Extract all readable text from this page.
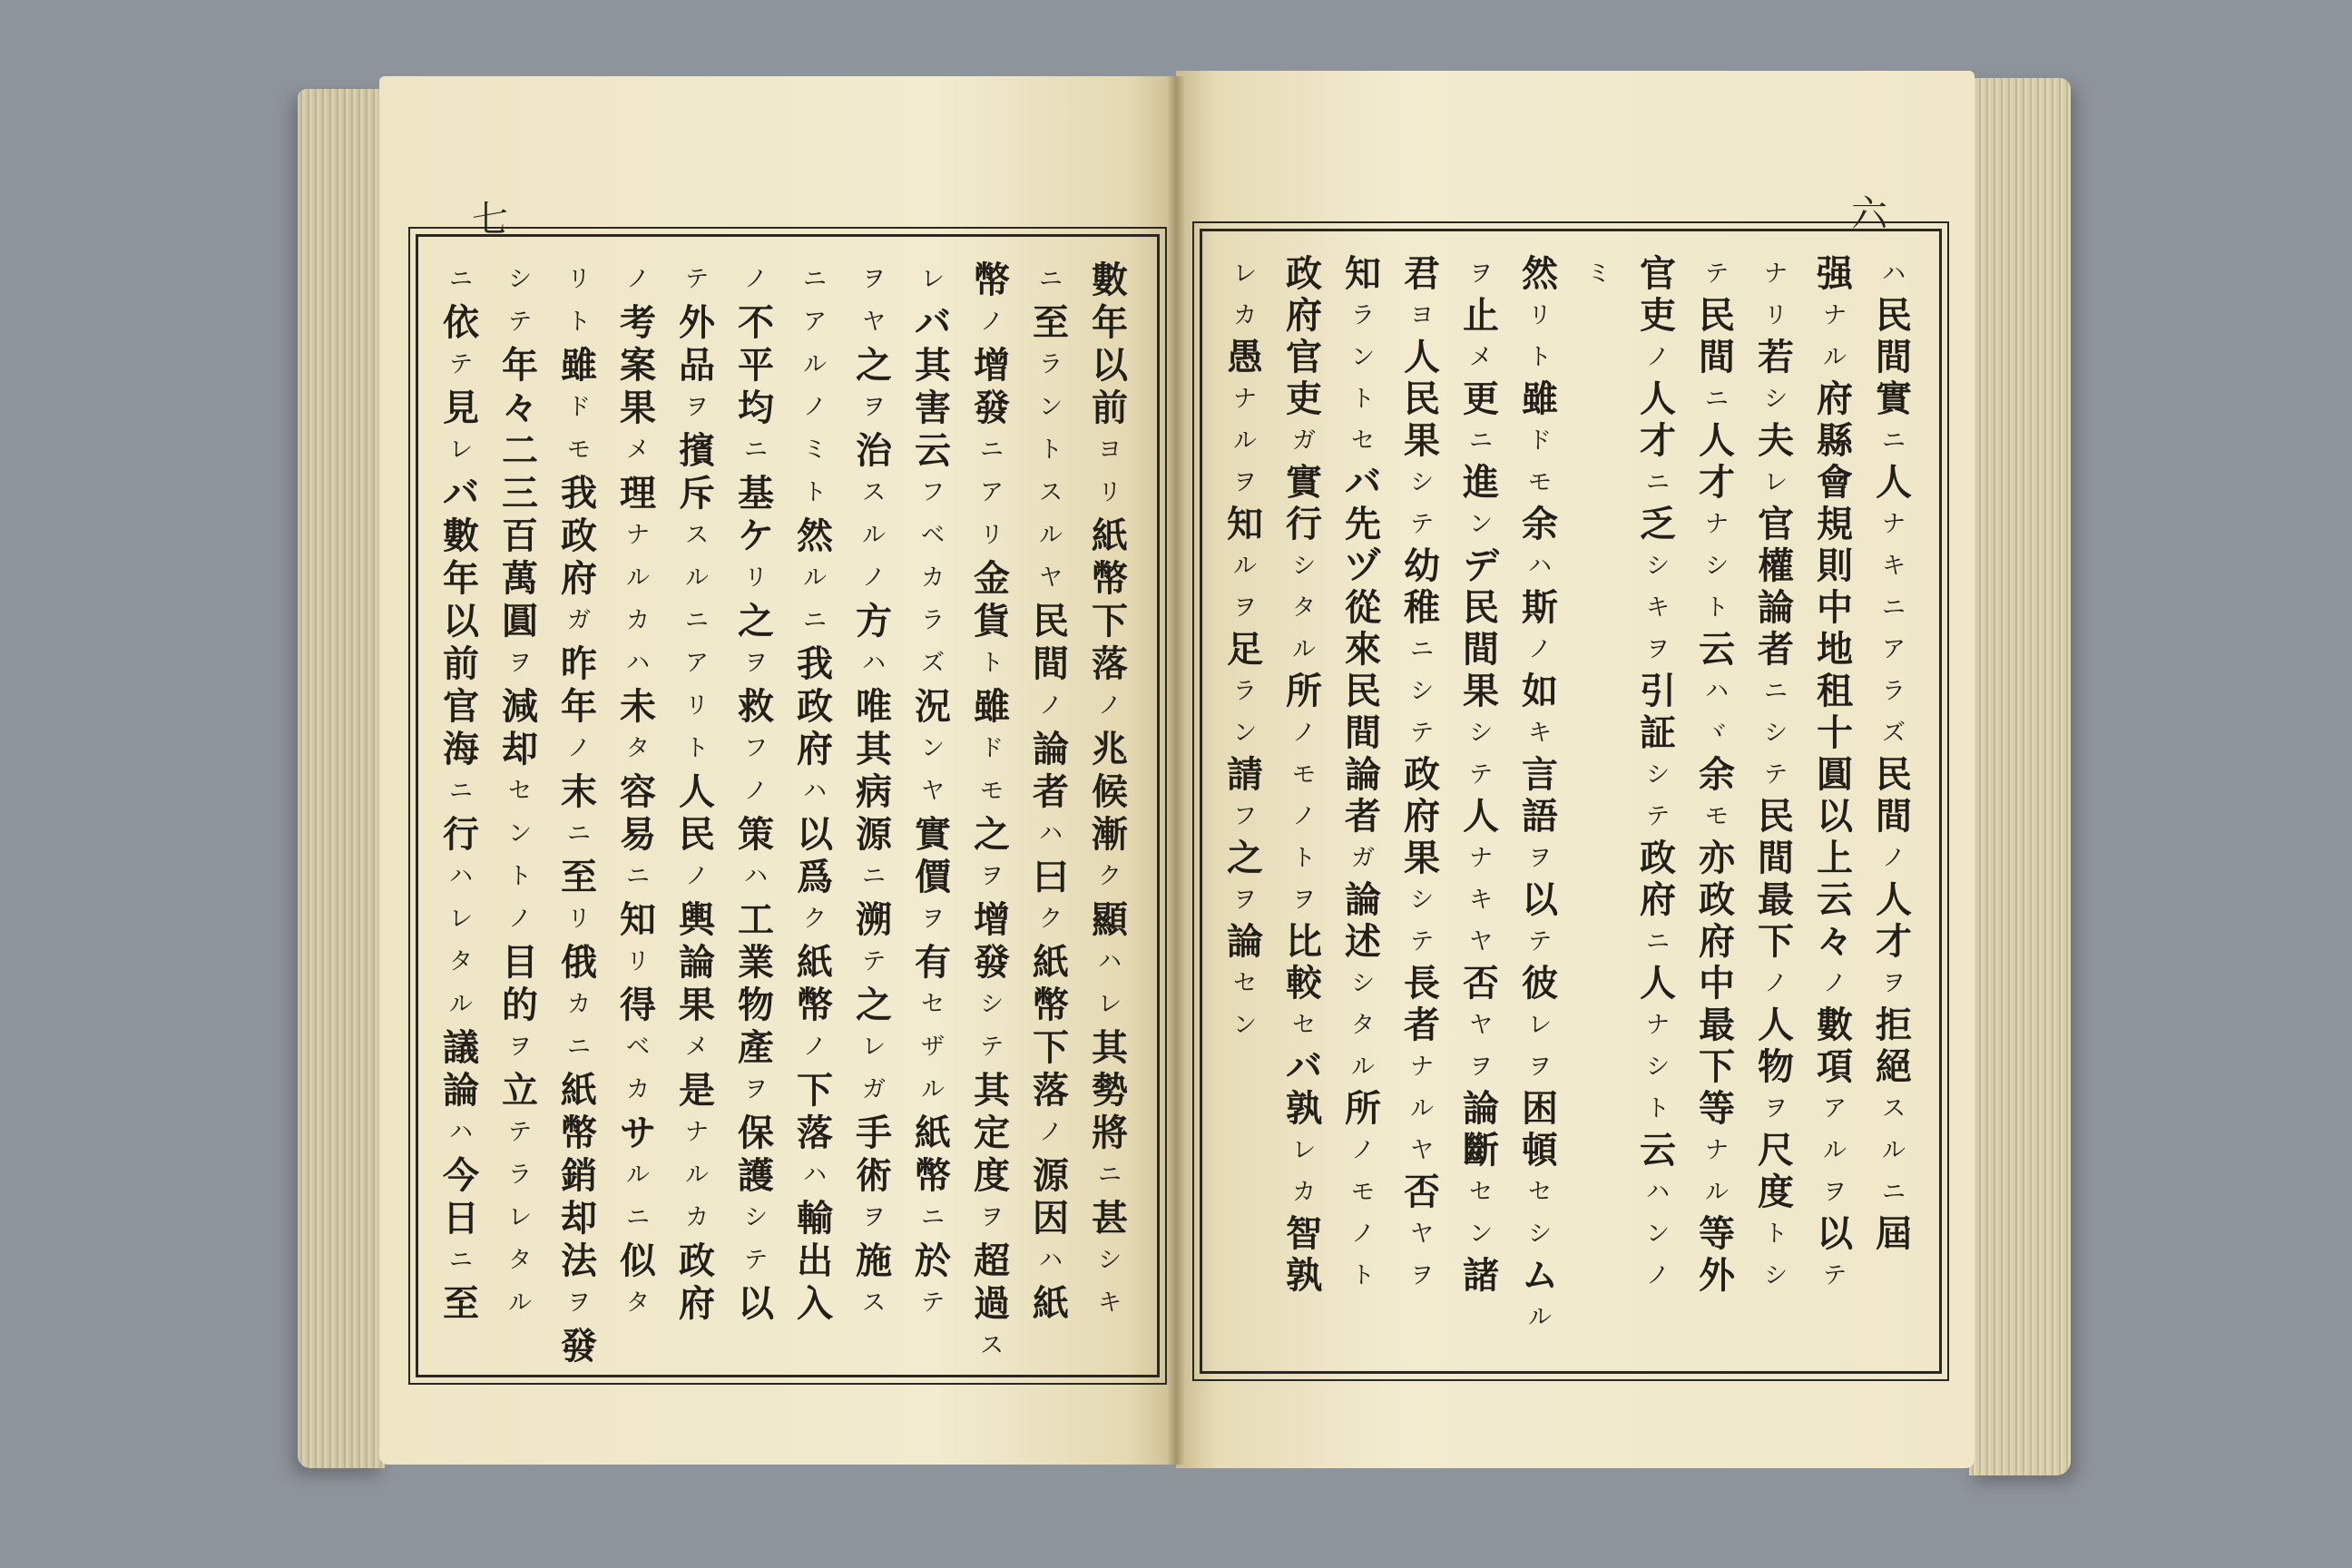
七	六
數
年
以
前
ヨ
リ
紙
幣
下
落
ノ
兆
候
漸
ク
顯
ハ
レ
其
勢
將
ニ
甚
シ
キ
ニ
至
ラ
ン
ト
ス
ル
ヤ
民
間
ノ
論
者
ハ
曰
ク
紙
幣
下
落
ノ
源
因
ハ
紙
幣
ノ
增
發
ニ
ア
リ
金
貨
ト
雖
ド
モ
之
ヲ
增
發
シ
テ
其
定
度
ヲ
超
過
ス
レ
バ
其
害
云
フ
ベ
カ
ラ
ズ
況
ン
ヤ
實
價
ヲ
有
セ
ザ
ル
紙
幣
ニ
於
テ
ヲ
ヤ
之
ヲ
治
ス
ル
ノ
方
ハ
唯
其
病
源
ニ
溯
テ
之
レ
ガ
手
術
ヲ
施
ス
ニ
ア
ル
ノ
ミ
ト
然
ル
ニ
我
政
府
ハ
以
爲
ク
紙
幣
ノ
下
落
ハ
輸
出
入
ノ
不
平
均
ニ
基
ケ
リ
之
ヲ
救
フ
ノ
策
ハ
工
業
物
產
ヲ
保
護
シ
テ
以
テ
外
品
ヲ
擯
斥
ス
ル
ニ
ア
リ
ト
人
民
ノ
輿
論
果
メ
是
ナ
ル
カ
政
府
ノ
考
案
果
メ
理
ナ
ル
カ
ハ
未
タ
容
易
ニ
知
リ
得
ベ
カ
サ
ル
ニ
似
タ
リ
ト
雖
ド
モ
我
政
府
ガ
昨
年
ノ
末
ニ
至
リ
俄
カ
ニ
紙
幣
銷
却
法
ヲ
發
シ
テ
年
々
二
三
百
萬
圓
ヲ
減
却
セ
ン
ト
ノ
目
的
ヲ
立
テ
ラ
レ
タ
ル
ニ
依
テ
見
レ
バ
數
年
以
前
官
海
ニ
行
ハ
レ
タ
ル
議
論
ハ
今
日
ニ
至
ハ
民
間
實
ニ
人
ナ
キ
ニ
ア
ラ
ズ
民
間
ノ
人
才
ヲ
拒
絕
ス
ル
ニ
屆
强
ナ
ル
府
縣
會
規
則
中
地
租
十
圓
以
上
云
々
ノ
數
項
ア
ル
ヲ
以
テ
ナ
リ
若
シ
夫
レ
官
權
論
者
ニ
シ
テ
民
間
最
下
ノ
人
物
ヲ
尺
度
ト
シ
テ
民
間
ニ
人
才
ナ
シ
ト
云
ハ
ヾ
余
モ
亦
政
府
中
最
下
等
ナ
ル
等
外
官
吏
ノ
人
才
ニ
乏
シ
キ
ヲ
引
証
シ
テ
政
府
ニ
人
ナ
シ
ト
云
ハ
ン
ノ
ミ
然
リ
ト
雖
ド
モ
余
ハ
斯
ノ
如
キ
言
語
ヲ
以
テ
彼
レ
ヲ
困
頓
セ
シ
ム
ル
ヲ
止
メ
更
ニ
進
ン
デ
民
間
果
シ
テ
人
ナ
キ
ヤ
否
ヤ
ヲ
論
斷
セ
ン
諸
君
ヨ
人
民
果
シ
テ
幼
稚
ニ
シ
テ
政
府
果
シ
テ
長
者
ナ
ル
ヤ
否
ヤ
ヲ
知
ラ
ン
ト
セ
バ
先
ヅ
從
來
民
間
論
者
ガ
論
述
シ
タ
ル
所
ノ
モ
ノ
ト
政
府
官
吏
ガ
實
行
シ
タ
ル
所
ノ
モ
ノ
ト
ヲ
比
較
セ
バ
孰
レ
カ
智
孰
レ
カ
愚
ナ
ル
ヲ
知
ル
ヲ
足
ラ
ン
請
フ
之
ヲ
論
セ
ン
